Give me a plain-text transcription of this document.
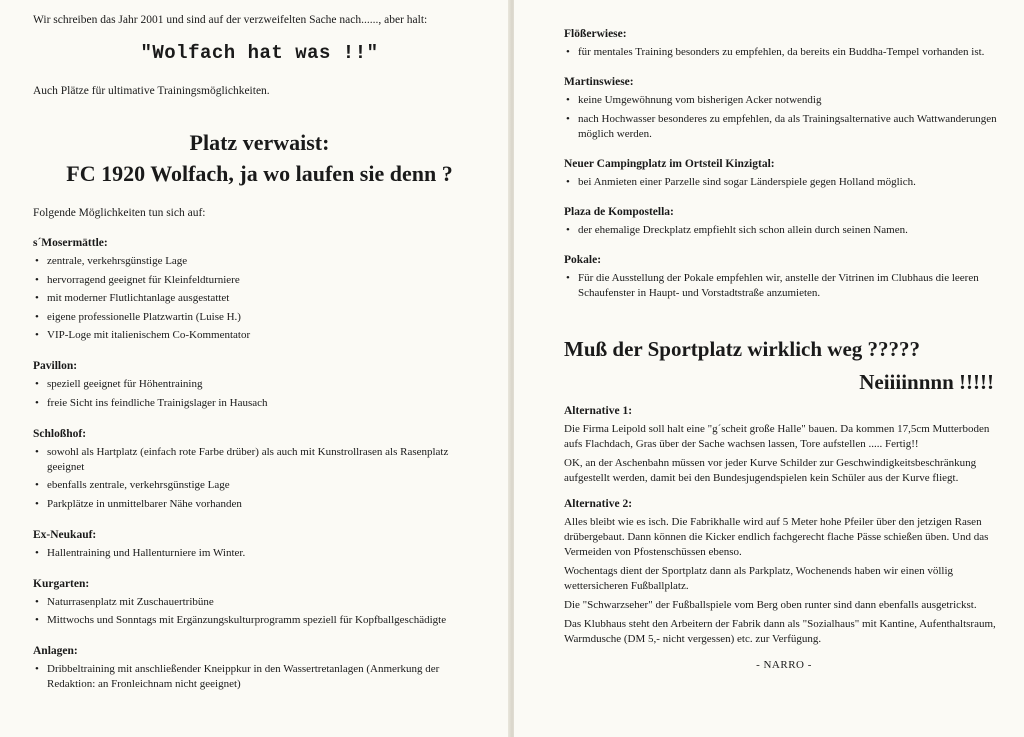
Wir schreiben das Jahr 2001 und sind auf der verzweifelten Sache nach......, aber halt:

"Wolfach hat was !!"

Auch Plätze für ultimative Trainingsmöglichkeiten.

Platz verwaist:
FC 1920 Wolfach, ja wo laufen sie denn ?

Folgende Möglichkeiten tun sich auf:

s´Mosermättle:
• zentrale, verkehrsgünstige Lage
• hervorragend geeignet für Kleinfeldturniere
• mit moderner Flutlichtanlage ausgestattet
• eigene professionelle Platzwartin (Luise H.)
• VIP-Loge mit italienischem Co-Kommentator
Pavillon:
• speziell geeignet für Höhentraining
• freie Sicht ins feindliche Trainigslager in Hausach
Schloßhof:
• sowohl als Hartplatz (einfach rote Farbe drüber) als auch mit Kunstrollrasen als Rasenplatz geeignet
• ebenfalls zentrale, verkehrsgünstige Lage
• Parkplätze in unmittelbarer Nähe vorhanden
Ex-Neukauf:
• Hallentraining und Hallenturniere im Winter.
Kurgarten:
• Naturrasenplatz mit Zuschauertribüne
• Mittwochs und Sonntags mit Ergänzungskulturprogramm speziell für Kopfballgeschädigte
Anlagen:
• Dribbeltraining mit anschließender Kneippkur in den Wassertretanlagen (Anmerkung der Redaktion: an Fronleichnam nicht geeignet)
Flößerwiese:
• für mentales Training besonders zu empfehlen, da bereits ein Buddha-Tempel vorhanden ist.
Martinswiese:
• keine Umgewöhnung vom bisherigen Acker notwendig
• nach Hochwasser besonderes zu empfehlen, da als Trainingsalternative auch Wattwanderungen möglich werden.
Neuer Campingplatz im Ortsteil Kinzigtal:
• bei Anmieten einer Parzelle sind sogar Länderspiele gegen Holland möglich.
Plaza de Kompostella:
• der ehemalige Dreckplatz empfiehlt sich schon allein durch seinen Namen.
Pokale:
• Für die Ausstellung der Pokale empfehlen wir, anstelle der Vitrinen im Clubhaus die leeren Schaufenster in Haupt- und Vorstadtstraße anzumieten.
Muß der Sportplatz wirklich weg ?????
Neiiiinnnn !!!!!
Alternative 1:

Die Firma Leipold soll halt eine "g´scheit große Halle" bauen. Da kommen 17,5cm Mutterboden aufs Flachdach, Gras über der Sache wachsen lassen, Tore aufstellen ..... Fertig!!

OK, an der Aschenbahn müssen vor jeder Kurve Schilder zur Geschwindigkeitsbeschränkung aufgestellt werden, damit bei den Bundesjugendspielen kein Schüler aus der Kurve fliegt.

Alternative 2:

Alles bleibt wie es isch. Die Fabrikhalle wird auf 5 Meter hohe Pfeiler über den jetzigen Rasen drübergebaut. Dann können die Kicker endlich fachgerecht flache Pässe schießen üben. Und das Vermeiden von Pfostenschüssen ebenso.

Wochentags dient der Sportplatz dann als Parkplatz, Wochenends haben wir einen völlig wettersicheren Fußballplatz.

Die "Schwarzseher" der Fußballspiele vom Berg oben runter sind dann ebenfalls ausgetrickst.

Das Klubhaus steht den Arbeitern der Fabrik dann als "Sozialhaus" mit Kantine, Aufenthaltsraum, Warmdusche (DM 5,- nicht vergessen) etc. zur Verfügung.

- NARRO -
